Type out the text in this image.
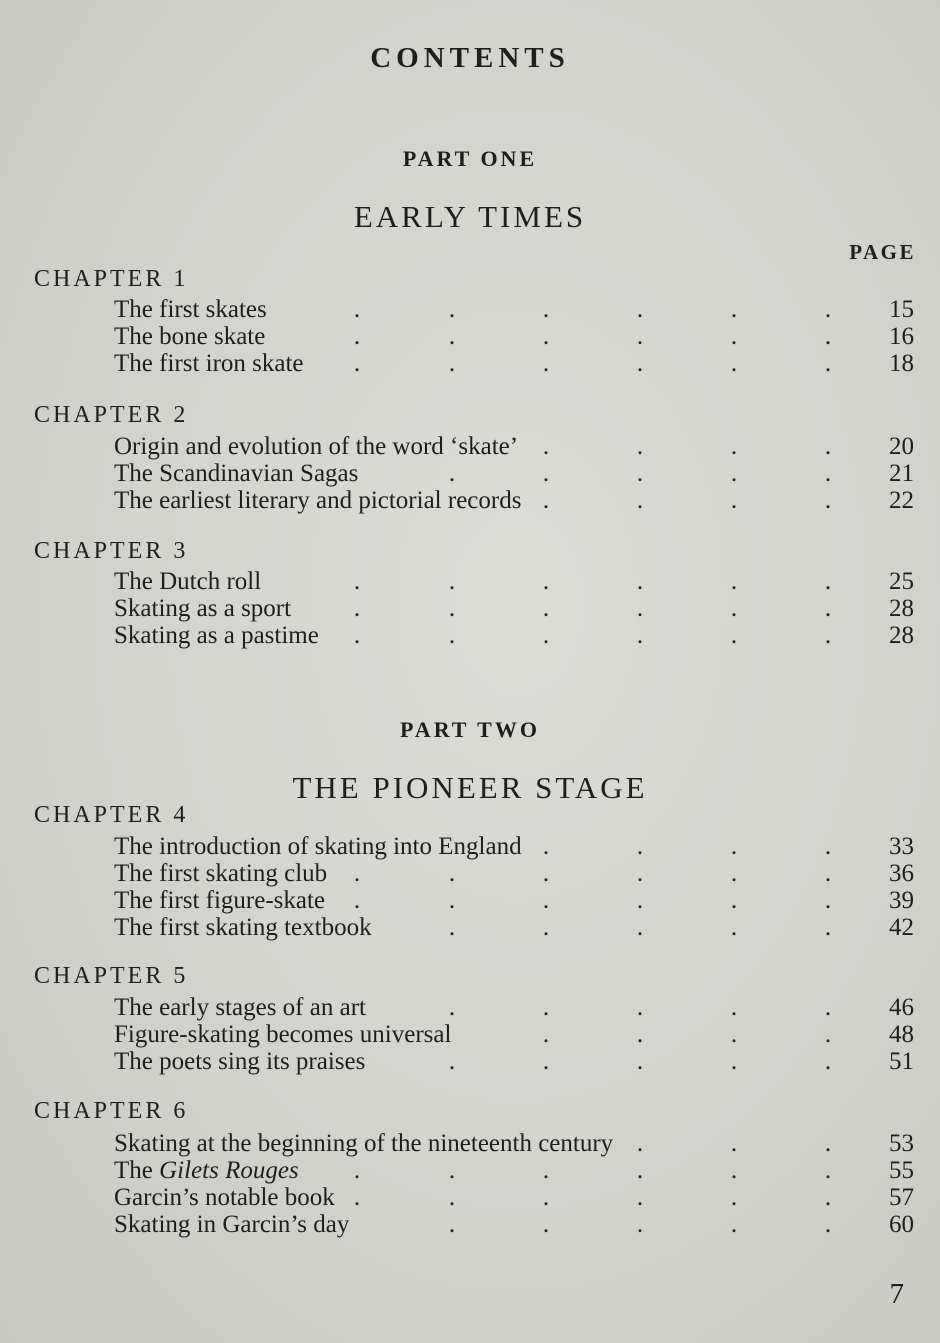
CONTENTS
PART ONE
EARLY TIMES
PAGE
CHAPTER 1
The first skates	15
.	.	.	.	.	.
The bone skate	16
.	.	.	.	.	.
The first iron skate	18
.	.	.	.	.	.
CHAPTER 2
Origin and evolution of the word ‘skate’	20
.	.	.	.
The Scandinavian Sagas	21
.	.	.	.	.
The earliest literary and pictorial records	22
.	.	.	.
CHAPTER 3
The Dutch roll	25
.	.	.	.	.	.
Skating as a sport	28
.	.	.	.	.	.
Skating as a pastime	28
.	.	.	.	.	.
PART TWO
THE PIONEER STAGE
CHAPTER 4
The introduction of skating into England	33
.	.	.	.
The first skating club	36
.	.	.	.	.	.
The first figure-skate	39
.	.	.	.	.	.
The first skating textbook	42
.	.	.	.	.
CHAPTER 5
The early stages of an art	46
.	.	.	.	.
Figure-skating becomes universal	48
.	.	.	.
The poets sing its praises	51
.	.	.	.	.
CHAPTER 6
Skating at the beginning of the nineteenth century	53
.	.	.
The Gilets Rouges	55
.	.	.	.	.	.
Garcin’s notable book	57
.	.	.	.	.	.
Skating in Garcin’s day	60
.	.	.	.	.
7
